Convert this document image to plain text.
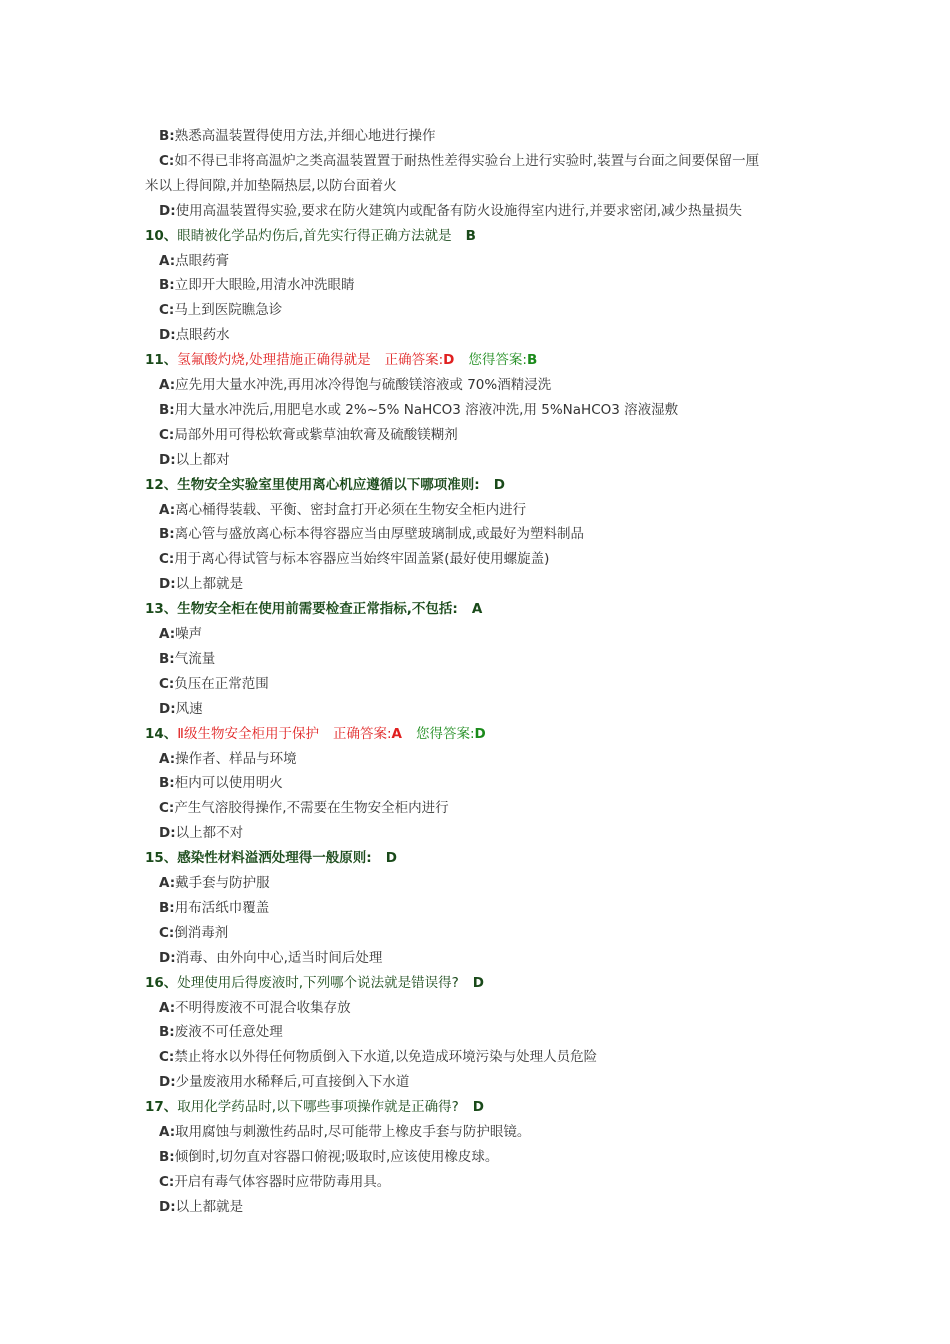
B:熟悉高温装置得使用方法,并细心地进行操作
C:如不得已非将高温炉之类高温装置置于耐热性差得实验台上进行实验时,装置与台面之间要保留一厘
米以上得间隙,并加垫隔热层,以防台面着火
D:使用高温装置得实验,要求在防火建筑内或配备有防火设施得室内进行,并要求密闭,减少热量损失
10、眼睛被化学品灼伤后,首先实行得正确方法就是 B
A:点眼药膏
B:立即开大眼睑,用清水冲洗眼睛
C:马上到医院瞧急诊
D:点眼药水
11、氢氟酸灼烧,处理措施正确得就是 正确答案:D 您得答案:B
A:应先用大量水冲洗,再用冰冷得饱与硫酸镁溶液或 70%酒精浸洗
B:用大量水冲洗后,用肥皂水或 2%~5% NaHCO3 溶液冲洗,用 5%NaHCO3 溶液湿敷
C:局部外用可得松软膏或紫草油软膏及硫酸镁糊剂
D:以上都对
12、生物安全实验室里使用离心机应遵循以下哪项准则: D
A:离心桶得装载、平衡、密封盒打开必须在生物安全柜内进行
B:离心管与盛放离心标本得容器应当由厚壁玻璃制成,或最好为塑料制品
C:用于离心得试管与标本容器应当始终牢固盖紧(最好使用螺旋盖)
D:以上都就是
13、生物安全柜在使用前需要检查正常指标,不包括: A
A:噪声
B:气流量
C:负压在正常范围
D:风速
14、Ⅱ级生物安全柜用于保护 正确答案:A 您得答案:D
A:操作者、样品与环境
B:柜内可以使用明火
C:产生气溶胶得操作,不需要在生物安全柜内进行
D:以上都不对
15、感染性材料溢洒处理得一般原则: D
A:戴手套与防护服
B:用布活纸巾覆盖
C:倒消毒剂
D:消毒、由外向中心,适当时间后处理
16、处理使用后得废液时,下列哪个说法就是错误得? D
A:不明得废液不可混合收集存放
B:废液不可任意处理
C:禁止将水以外得任何物质倒入下水道,以免造成环境污染与处理人员危险
D:少量废液用水稀释后,可直接倒入下水道
17、取用化学药品时,以下哪些事项操作就是正确得? D
A:取用腐蚀与刺激性药品时,尽可能带上橡皮手套与防护眼镜。
B:倾倒时,切勿直对容器口俯视;吸取时,应该使用橡皮球。
C:开启有毒气体容器时应带防毒用具。
D:以上都就是
